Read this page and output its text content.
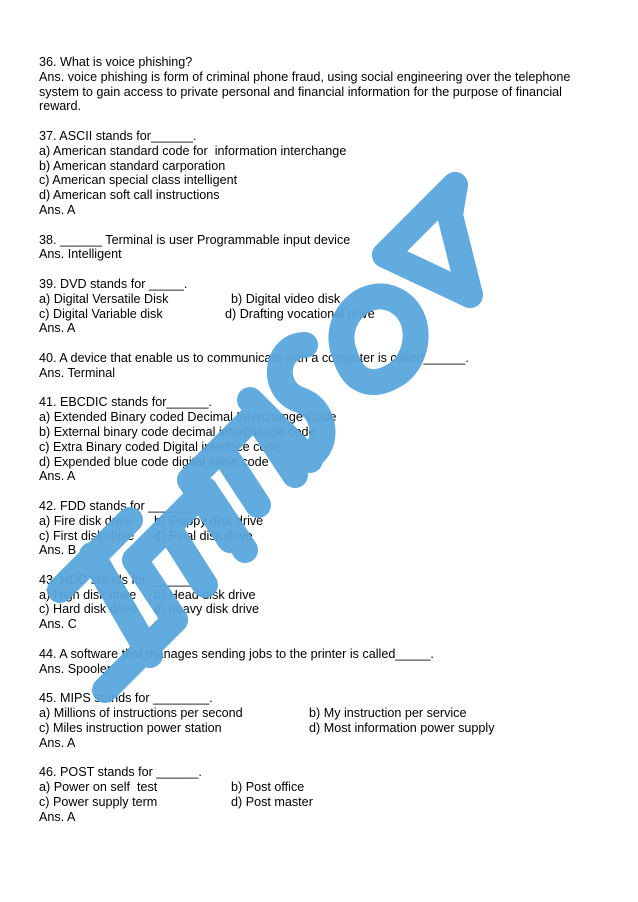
36. What is voice phishing?
Ans. voice phishing is form of criminal phone fraud, using social engineering over the telephone system to gain access to private personal and financial information for the purpose of financial reward.
37. ASCII stands for______.
a) American standard code for  information interchange
b) American standard carporation
c) American special class intelligent
d) American soft call instructions
Ans. A
38. ______ Terminal is user Programmable input device
Ans. Intelligent
39. DVD stands for _____.

a) Digital Versatile Disk

	b) Digital video disk

c) Digital Variable disk

	d) Drafting vocational drive

Ans. A
40. A device that enable us to communicate with a computer is called______.
Ans. Terminal
41. EBCDIC stands for______.
a) Extended Binary coded Decimal Interchange Code
b) External binary code decimal interchange code
c) Extra Binary coded Digital interface code
d) Expended blue code digital inline code
Ans. A
42. FDD stands for ______.

a) Fire disk drive

b) Floppy disk drive

c) First disk drive

d) Final disk drive

Ans. B
43. HDD stands for ______.

a) High disk drive

b) Head disk drive

c) Hard disk drive

d) heavy disk drive

Ans. C
44. A software that manages sending jobs to the printer is called_____.
Ans. Spooler
45. MIPS stands for ________.

a) Millions of instructions per second

	b) My instruction per service

c) Miles instruction power station

	d) Most information power supply

Ans. A
46. POST stands for ______.

a) Power on self  test

	b) Post office

c) Power supply term

	d) Post master

Ans. A
